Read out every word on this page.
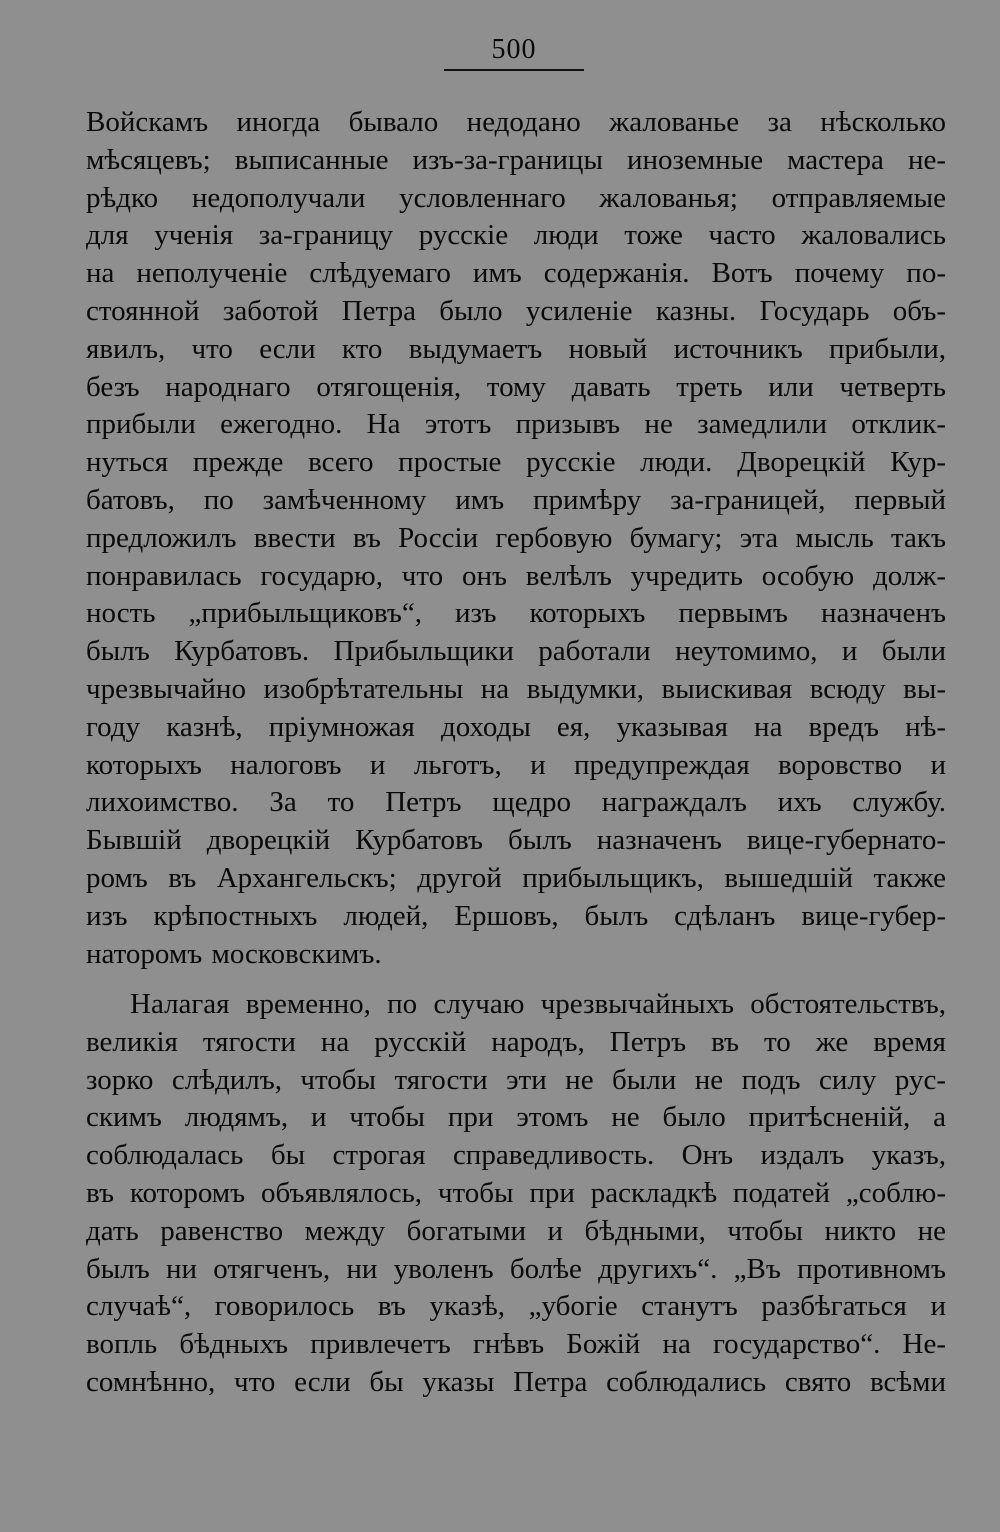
500
Войскамъ иногда бывало недодано жалованье за нѣсколько
мѣсяцевъ; выписанные изъ-за-границы иноземные мастера не-
рѣдко недополучали условленнаго жалованья; отправляемые
для ученія за-границу русскіе люди тоже часто жаловались
на неполученіе слѣдуемаго имъ содержанія. Вотъ почему по-
стоянной заботой Петра было усиленіе казны. Государь объ-
явилъ, что если кто выдумаетъ новый источникъ прибыли,
безъ народнаго отягощенія, тому давать треть или четверть
прибыли ежегодно. На этотъ призывъ не замедлили отклик-
нуться прежде всего простые русскіе люди. Дворецкій Кур-
батовъ, по замѣченному имъ примѣру за-границей, первый
предложилъ ввести въ Россіи гербовую бумагу; эта мысль такъ
понравилась государю, что онъ велѣлъ учредить особую долж-
ность „прибыльщиковъ“, изъ которыхъ первымъ назначенъ
былъ Курбатовъ. Прибыльщики работали неутомимо, и были
чрезвычайно изобрѣтательны на выдумки, выискивая всюду вы-
году казнѣ, пріумножая доходы ея, указывая на вредъ нѣ-
которыхъ налоговъ и льготъ, и предупреждая воровство и
лихоимство. За то Петръ щедро награждалъ ихъ службу.
Бывшій дворецкій Курбатовъ былъ назначенъ вице-губернато-
ромъ въ Архангельскъ; другой прибыльщикъ, вышедшій также
изъ крѣпостныхъ людей, Ершовъ, былъ сдѣланъ вице-губер-
наторомъ московскимъ.
Налагая временно, по случаю чрезвычайныхъ обстоятельствъ,
великія тягости на русскій народъ, Петръ въ то же время
зорко слѣдилъ, чтобы тягости эти не были не подъ силу рус-
скимъ людямъ, и чтобы при этомъ не было притѣсненій, а
соблюдалась бы строгая справедливость. Онъ издалъ указъ,
въ которомъ объявлялось, чтобы при раскладкѣ податей „соблю-
дать равенство между богатыми и бѣдными, чтобы никто не
былъ ни отягченъ, ни уволенъ болѣе другихъ“. „Въ противномъ
случаѣ“, говорилось въ указѣ, „убогіе станутъ разбѣгаться и
вопль бѣдныхъ привлечетъ гнѣвъ Божій на государство“. Не-
сомнѣнно, что если бы указы Петра соблюдались свято всѣми
